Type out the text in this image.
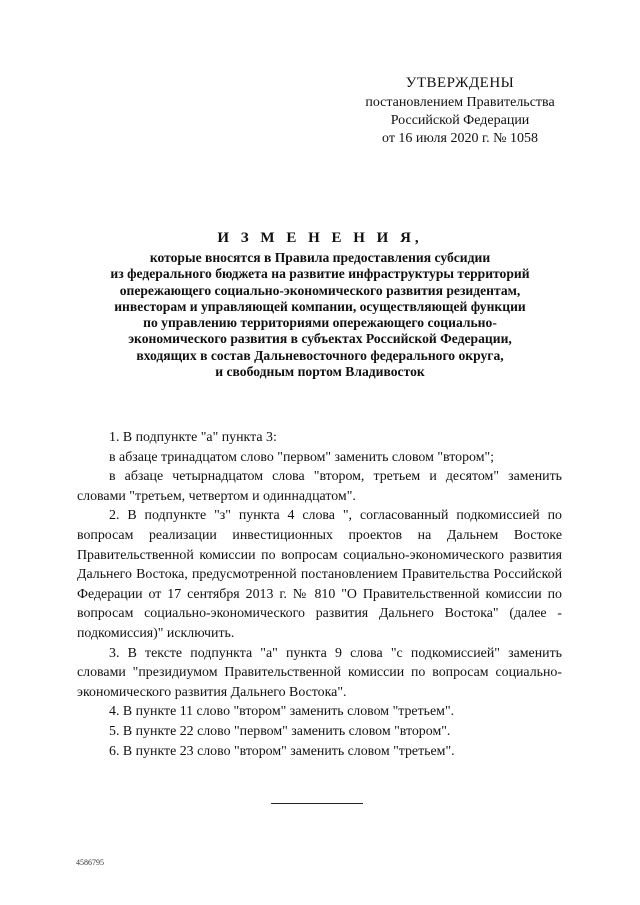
УТВЕРЖДЕНЫ
постановлением Правительства
Российской Федерации
от 16 июля 2020 г. № 1058
И З М Е Н Е Н И Я,
которые вносятся в Правила предоставления субсидии
из федерального бюджета на развитие инфраструктуры территорий
опережающего социально-экономического развития резидентам,
инвесторам и управляющей компании, осуществляющей функции
по управлению территориями опережающего социально-
экономического развития в субъектах Российской Федерации,
входящих в состав Дальневосточного федерального округа,
и свободным портом Владивосток

1. В подпункте "а" пункта 3:

в абзаце тринадцатом слово "первом" заменить словом "втором";

в абзаце четырнадцатом слова "втором, третьем и десятом" заменить словами "третьем, четвертом и одиннадцатом".

2. В подпункте "з" пункта 4 слова ", согласованный подкомиссией по вопросам реализации инвестиционных проектов на Дальнем Востоке Правительственной комиссии по вопросам социально-экономического развития Дальнего Востока, предусмотренной постановлением Правительства Российской Федерации от 17 сентября 2013 г. № 810 "О Правительственной комиссии по вопросам социально-экономического развития Дальнего Востока" (далее - подкомиссия)" исключить.

3. В тексте подпункта "а" пункта 9 слова "с подкомиссией" заменить словами "президиумом Правительственной комиссии по вопросам социально-экономического развития Дальнего Востока".

4. В пункте 11 слово "втором" заменить словом "третьем".

5. В пункте 22 слово "первом" заменить словом "втором".

6. В пункте 23 слово "втором" заменить словом "третьем".

4586795
